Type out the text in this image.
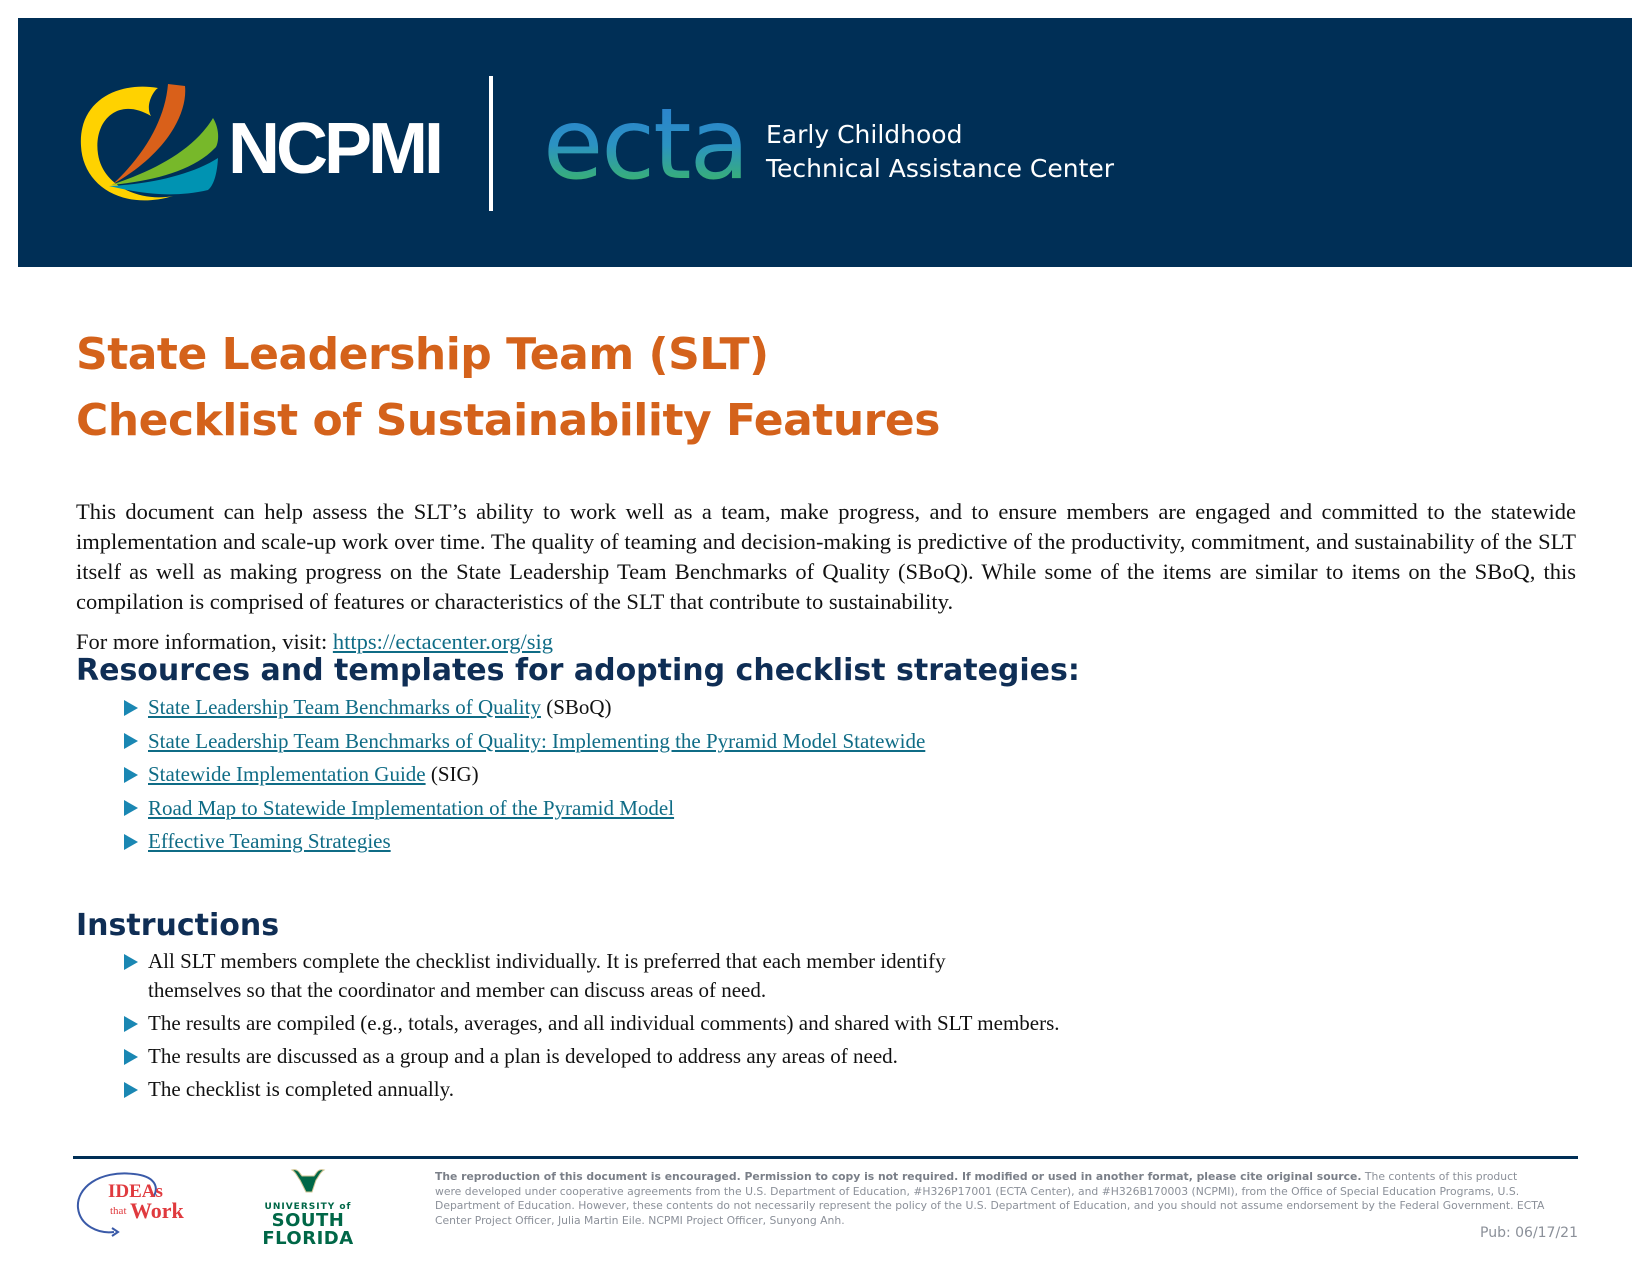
NCPMI ecta Early Childhood
Technical Assistance Center
State Leadership Team (SLT)
Checklist of Sustainability Features

This document can help assess the SLT’s ability to work well as a team, make progress, and to ensure members are engaged and committed to the statewide implementation and scale-up work over time. The quality of teaming and decision-making is predictive of the productivity, commitment, and sustainability of the SLT itself as well as making progress on the State Leadership Team Benchmarks of Quality (SBoQ). While some of the items are similar to items on the SBoQ, this compilation is comprised of features or characteristics of the SLT that contribute to sustainability.

For more information, visit: https://ectacenter.org/sig
Resources and templates for adopting checklist strategies:
State Leadership Team Benchmarks of Quality (SBoQ)
State Leadership Team Benchmarks of Quality: Implementing the Pyramid Model Statewide
Statewide Implementation Guide (SIG)
Road Map to Statewide Implementation of the Pyramid Model
Effective Teaming Strategies
Instructions
All SLT members complete the checklist individually. It is preferred that each member identify
themselves so that the coordinator and member can discuss areas of need.
The results are compiled (e.g., totals, averages, and all individual comments) and shared with SLT members.
The results are discussed as a group and a plan is developed to address any areas of need.
The checklist is completed annually.
IDEAs
that Work	UNIVERSITY of
SOUTH FLORIDA
The reproduction of this document is encouraged. Permission to copy is not required. If modified or used in another format, please cite original source. The contents of this product were developed under cooperative agreements from the U.S. Department of Education, #H326P17001 (ECTA Center), and #H326B170003 (NCPMI), from the Office of Special Education Programs, U.S. Department of Education. However, these contents do not necessarily represent the policy of the U.S. Department of Education, and you should not assume endorsement by the Federal Government. ECTA Center Project Officer, Julia Martin Eile. NCPMI Project Officer, Sunyong Anh.
Pub: 06/17/21
